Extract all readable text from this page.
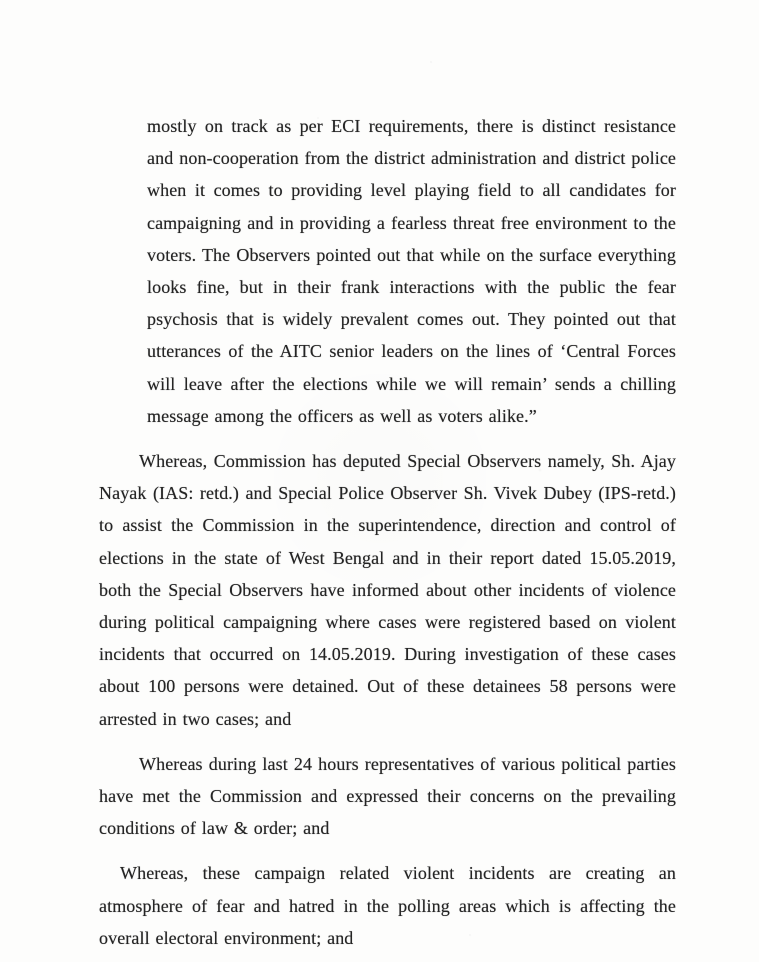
mostly on track as per ECI requirements, there is distinct resistance and non-cooperation from the district administration and district police when it comes to providing level playing field to all candidates for campaigning and in providing a fearless threat free environment to the voters. The Observers pointed out that while on the surface everything looks fine, but in their frank interactions with the public the fear psychosis that is widely prevalent comes out. They pointed out that utterances of the AITC senior leaders on the lines of ‘Central Forces will leave after the elections while we will remain’ sends a chilling message among the officers as well as voters alike.”

Whereas, Commission has deputed Special Observers namely, Sh. Ajay Nayak (IAS: retd.) and Special Police Observer Sh. Vivek Dubey (IPS-retd.) to assist the Commission in the superintendence, direction and control of elections in the state of West Bengal and in their report dated 15.05.2019, both the Special Observers have informed about other incidents of violence during political campaigning where cases were registered based on violent incidents that occurred on 14.05.2019. During investigation of these cases about 100 persons were detained. Out of these detainees 58 persons were arrested in two cases; and

Whereas during last 24 hours representatives of various political parties have met the Commission and expressed their concerns on the prevailing conditions of law & order; and

Whereas, these campaign related violent incidents are creating an atmosphere of fear and hatred in the polling areas which is affecting the overall electoral environment; and
